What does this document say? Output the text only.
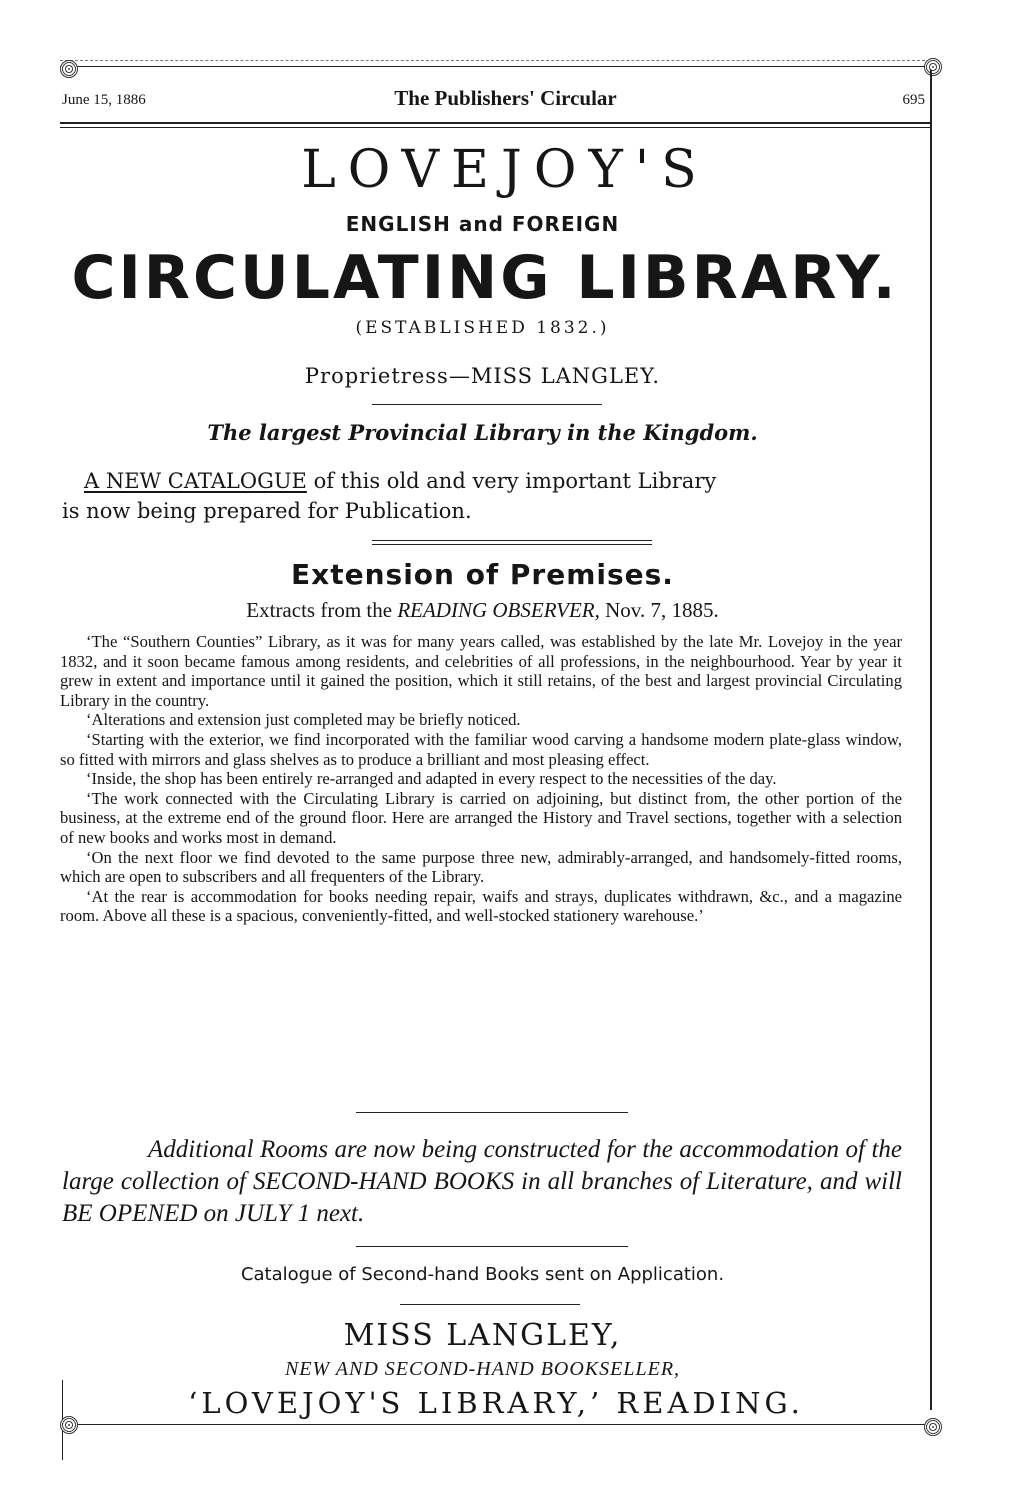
June 15, 1886	The Publishers' Circular	695
LOVEJOY'S
ENGLISH and FOREIGN
CIRCULATING LIBRARY.
(ESTABLISHED 1832.)
Proprietress—MISS LANGLEY.
The largest Provincial Library in the Kingdom.
A NEW CATALOGUE of this old and very important Library
is now being prepared for Publication.
Extension of Premises.
Extracts from the READING OBSERVER, Nov. 7, 1885.

‘The “Southern Counties” Library, as it was for many years called, was established by the late Mr. Lovejoy in the year 1832, and it soon became famous among residents, and celebrities of all professions, in the neighbourhood. Year by year it grew in extent and importance until it gained the position, which it still retains, of the best and largest provincial Circulating Library in the country.

‘Alterations and extension just completed may be briefly noticed.

‘Starting with the exterior, we find incorporated with the familiar wood carving a handsome modern plate-glass window, so fitted with mirrors and glass shelves as to produce a brilliant and most pleasing effect.

‘Inside, the shop has been entirely re-arranged and adapted in every respect to the necessities of the day.

‘The work connected with the Circulating Library is carried on adjoining, but distinct from, the other portion of the business, at the extreme end of the ground floor. Here are arranged the History and Travel sections, together with a selection of new books and works most in demand.

‘On the next floor we find devoted to the same purpose three new, admirably-arranged, and handsomely-fitted rooms, which are open to subscribers and all frequenters of the Library.

‘At the rear is accommodation for books needing repair, waifs and strays, duplicates withdrawn, &c., and a magazine room. Above all these is a spacious, conveniently-fitted, and well-stocked stationery warehouse.’

Additional Rooms are now being constructed for the accommodation of the large collection of SECOND-HAND BOOKS in all branches of Literature, and will BE OPENED on JULY 1 next.
Catalogue of Second-hand Books sent on Application.
MISS LANGLEY,
NEW AND SECOND-HAND BOOKSELLER,
‘LOVEJOY'S LIBRARY,’ READING.
